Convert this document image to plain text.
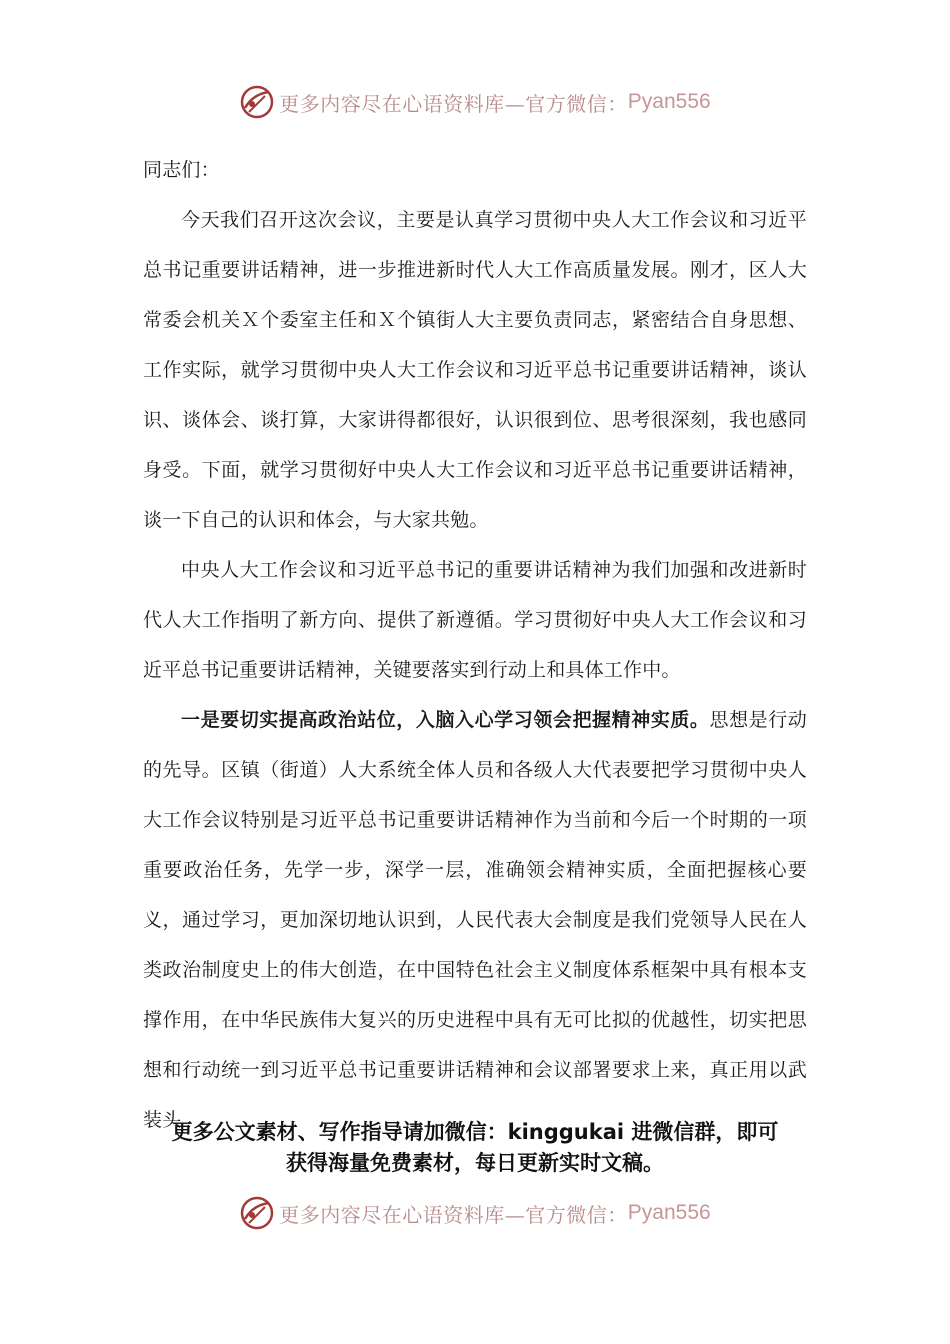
更多内容尽在心语资料库—官方微信： Pyan556

同志们：

今天我们召开这次会议，主要是认真学习贯彻中央人大工作会议和习近平总书记重要讲话精神，进一步推进新时代人大工作高质量发展。刚才，区人大常委会机关Ｘ个委室主任和Ｘ个镇街人大主要负责同志，紧密结合自身思想、工作实际，就学习贯彻中央人大工作会议和习近平总书记重要讲话精神，谈认识、谈体会、谈打算，大家讲得都很好，认识很到位、思考很深刻，我也感同身受。下面，就学习贯彻好中央人大工作会议和习近平总书记重要讲话精神，谈一下自己的认识和体会，与大家共勉。

中央人大工作会议和习近平总书记的重要讲话精神为我们加强和改进新时代人大工作指明了新方向、提供了新遵循。学习贯彻好中央人大工作会议和习近平总书记重要讲话精神，关键要落实到行动上和具体工作中。

一是要切实提高政治站位，入脑入心学习领会把握精神实质。思想是行动的先导。区镇（街道）人大系统全体人员和各级人大代表要把学习贯彻中央人大工作会议特别是习近平总书记重要讲话精神作为当前和今后一个时期的一项重要政治任务，先学一步，深学一层，准确领会精神实质，全面把握核心要义，通过学习，更加深切地认识到，人民代表大会制度是我们党领导人民在人类政治制度史上的伟大创造，在中国特色社会主义制度体系框架中具有根本支撑作用，在中华民族伟大复兴的历史进程中具有无可比拟的优越性，切实把思想和行动统一到习近平总书记重要讲话精神和会议部署要求上来，真正用以武装头

更多公文素材、写作指导请加微信：kinggukai 进微信群，即可
获得海量免费素材，每日更新实时文稿。
更多内容尽在心语资料库—官方微信： Pyan556
